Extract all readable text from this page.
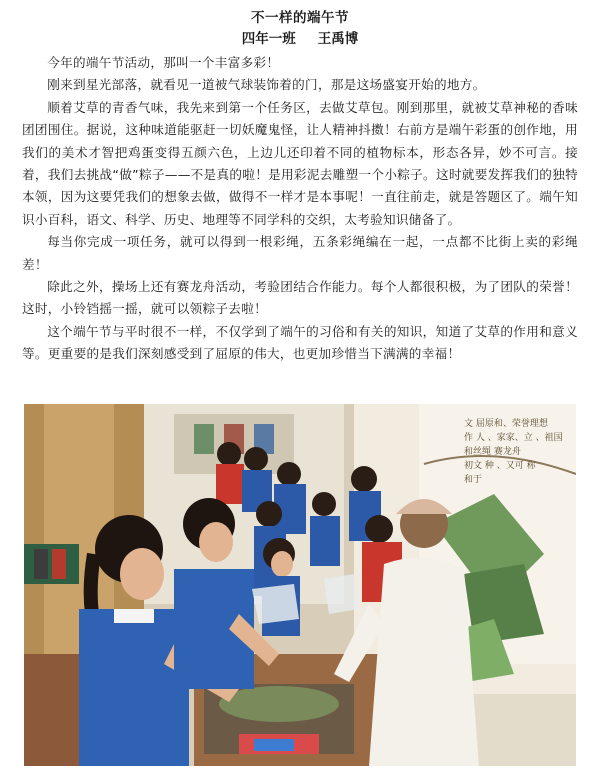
不一样的端午节
四年一班 王禹博

今年的端午节活动，那叫一个丰富多彩！

刚来到星光部落，就看见一道被气球装饰着的门，那是这场盛宴开始的地方。

顺着艾草的青香气味，我先来到第一个任务区，去做艾草包。刚到那里，就被艾草神秘的香味团团围住。据说，这种味道能驱赶一切妖魔鬼怪，让人精神抖擞！右前方是端午彩蛋的创作地，用我们的美术才智把鸡蛋变得五颜六色，上边儿还印着不同的植物标本，形态各异，妙不可言。接着，我们去挑战“做”粽子——不是真的啦！是用彩泥去雕塑一个小粽子。这时就要发挥我们的独特本领，因为这要凭我们的想象去做，做得不一样才是本事呢！一直往前走，就是答题区了。端午知识小百科，语文、科学、历史、地理等不同学科的交织，太考验知识储备了。

每当你完成一项任务，就可以得到一根彩绳，五条彩绳编在一起，一点都不比街上卖的彩绳差！

除此之外，操场上还有赛龙舟活动，考验团结合作能力。每个人都很积极，为了团队的荣誉！这时，小铃铛摇一摇，就可以领粽子去啦！

这个端午节与平时很不一样，不仅学到了端午的习俗和有关的知识，知道了艾草的作用和意义等。更重要的是我们深刻感受到了屈原的伟大，也更加珍惜当下满满的幸福！

文 屈原和、荣誉理想
作 人 、家家、立 、祖国
和丝绳 赛龙舟
初文 种 、又可 称
和于
